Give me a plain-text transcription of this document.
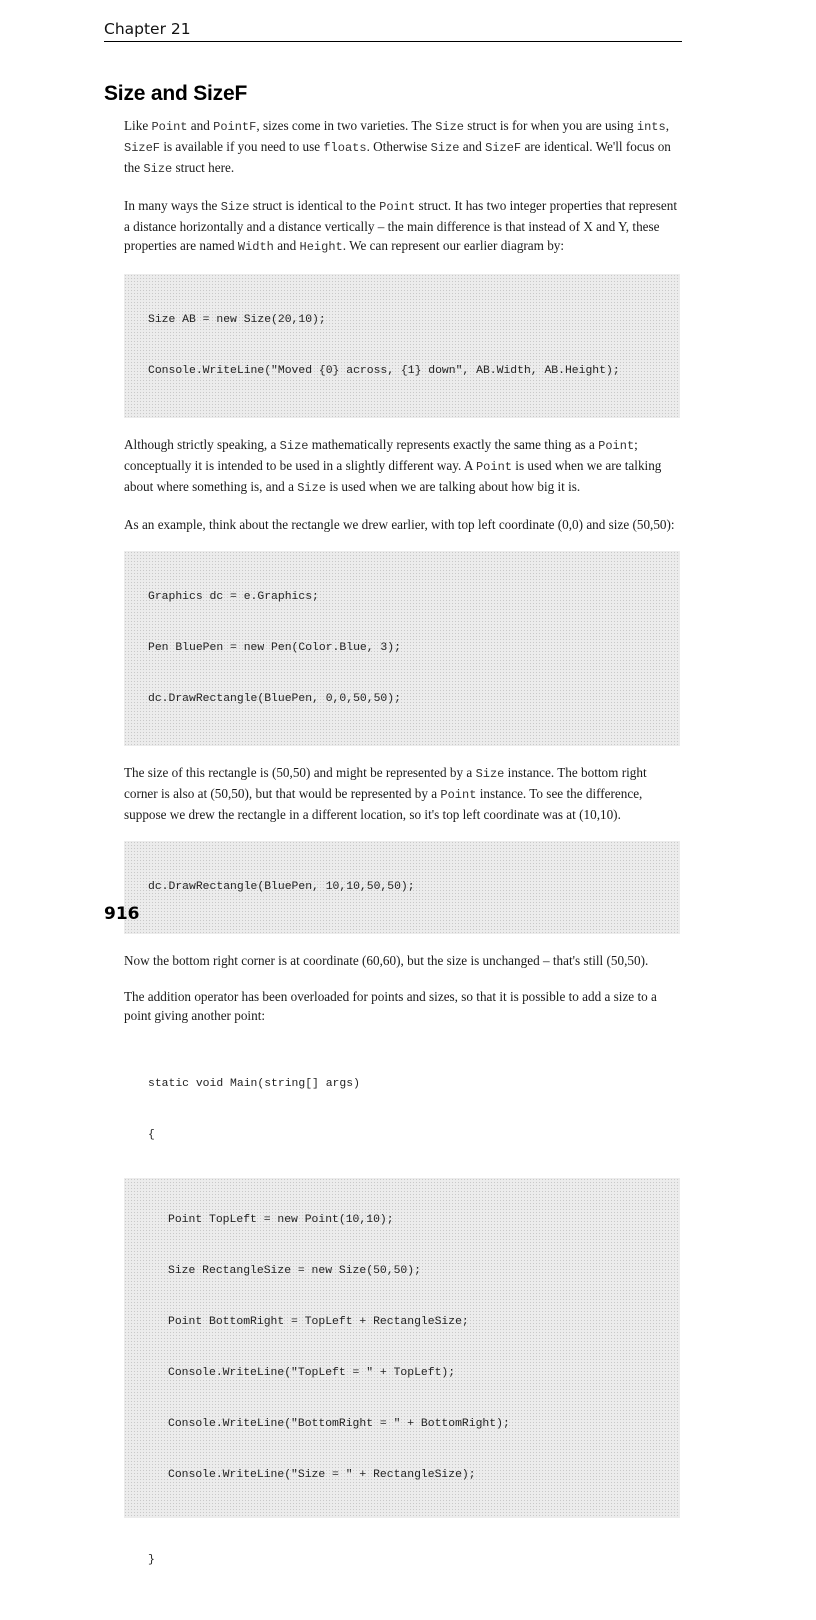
Chapter 21
Size and SizeF

Like Point and PointF, sizes come in two varieties. The Size struct is for when you are using ints,
SizeF is available if you need to use floats. Otherwise Size and SizeF are identical. We'll focus on the Size struct here.

In many ways the Size struct is identical to the Point struct. It has two integer properties that represent a distance horizontally and a distance vertically – the main difference is that instead of X and Y, these properties are named Width and Height. We can represent our earlier diagram by:

Size AB = new Size(20,10);

Console.WriteLine("Moved {0} across, {1} down", AB.Width, AB.Height);

Although strictly speaking, a Size mathematically represents exactly the same thing as a Point; conceptually it is intended to be used in a slightly different way. A Point is used when we are talking about where something is, and a Size is used when we are talking about how big it is.

As an example, think about the rectangle we drew earlier, with top left coordinate (0,0) and size (50,50):

Graphics dc = e.Graphics;

Pen BluePen = new Pen(Color.Blue, 3);

dc.DrawRectangle(BluePen, 0,0,50,50);

The size of this rectangle is (50,50) and might be represented by a Size instance. The bottom right corner is also at (50,50), but that would be represented by a Point instance. To see the difference, suppose we drew the rectangle in a different location, so it's top left coordinate was at (10,10).

dc.DrawRectangle(BluePen, 10,10,50,50);

Now the bottom right corner is at coordinate (60,60), but the size is unchanged – that's still (50,50).

The addition operator has been overloaded for points and sizes, so that it is possible to add a size to a point giving another point:

static void Main(string[] args)

{

Point TopLeft = new Point(10,10);

Size RectangleSize = new Size(50,50);

Point BottomRight = TopLeft + RectangleSize;

Console.WriteLine("TopLeft = " + TopLeft);

Console.WriteLine("BottomRight = " + BottomRight);

Console.WriteLine("Size = " + RectangleSize);

}

916
